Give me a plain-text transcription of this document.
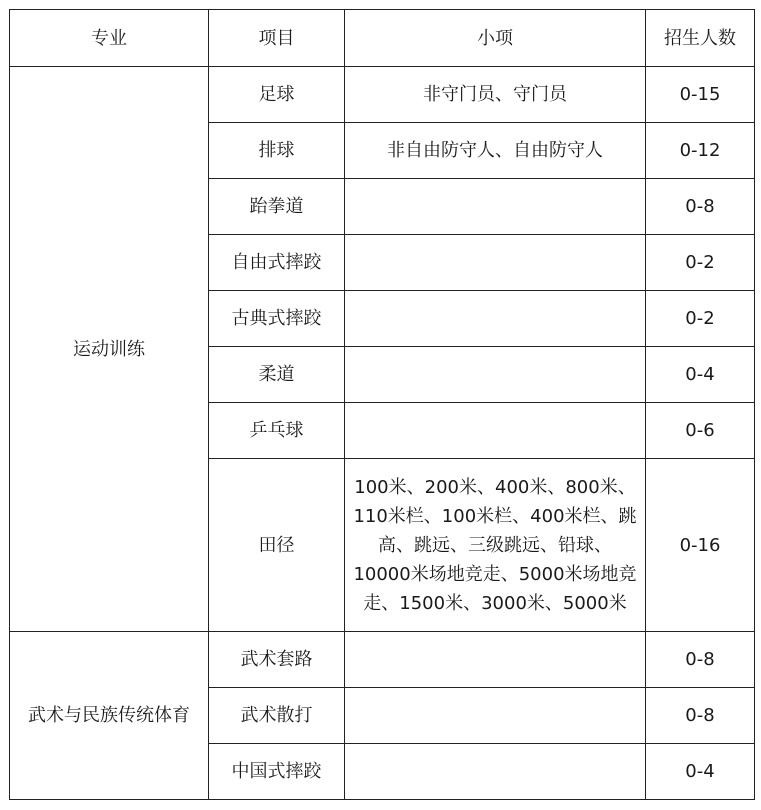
专业	项目	小项	招生人数
运动训练	足球	非守门员、守门员	0-15
	排球	非自由防守人、自由防守人	0-12
	跆拳道		0-8
	自由式摔跤		0-2
	古典式摔跤		0-2
	柔道		0-4
	乒乓球		0-6
	田径	100米、200米、400米、800米、110米栏、100米栏、400米栏、跳高、跳远、三级跳远、铅球、10000米场地竞走、5000米场地竞走、1500米、3000米、5000米	0-16
武术与民族传统体育	武术套路		0-8
	武术散打		0-8
	中国式摔跤		0-4
